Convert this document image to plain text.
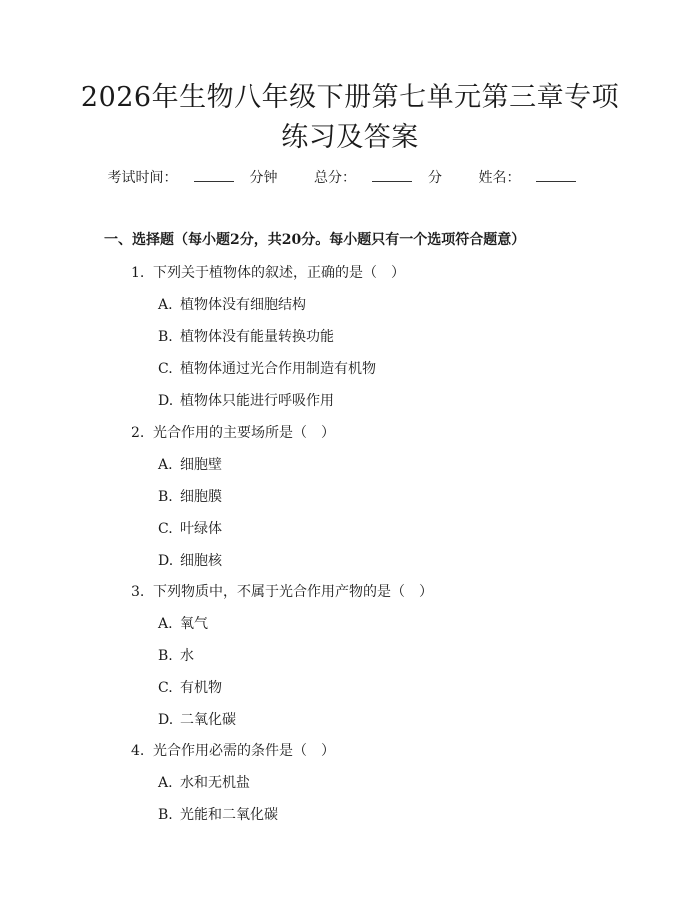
2026年生物八年级下册第七单元第三章专项
练习及答案
考试时间：	分钟	总分：	分	姓名：
一、选择题（每小题2分，共20分。每小题只有一个选项符合题意）
1. 下列关于植物体的叙述，正确的是（　）
A. 植物体没有细胞结构
B. 植物体没有能量转换功能
C. 植物体通过光合作用制造有机物
D. 植物体只能进行呼吸作用
2. 光合作用的主要场所是（　）
A. 细胞壁
B. 细胞膜
C. 叶绿体
D. 细胞核
3. 下列物质中，不属于光合作用产物的是（　）
A. 氧气
B. 水
C. 有机物
D. 二氧化碳
4. 光合作用必需的条件是（　）
A. 水和无机盐
B. 光能和二氧化碳
